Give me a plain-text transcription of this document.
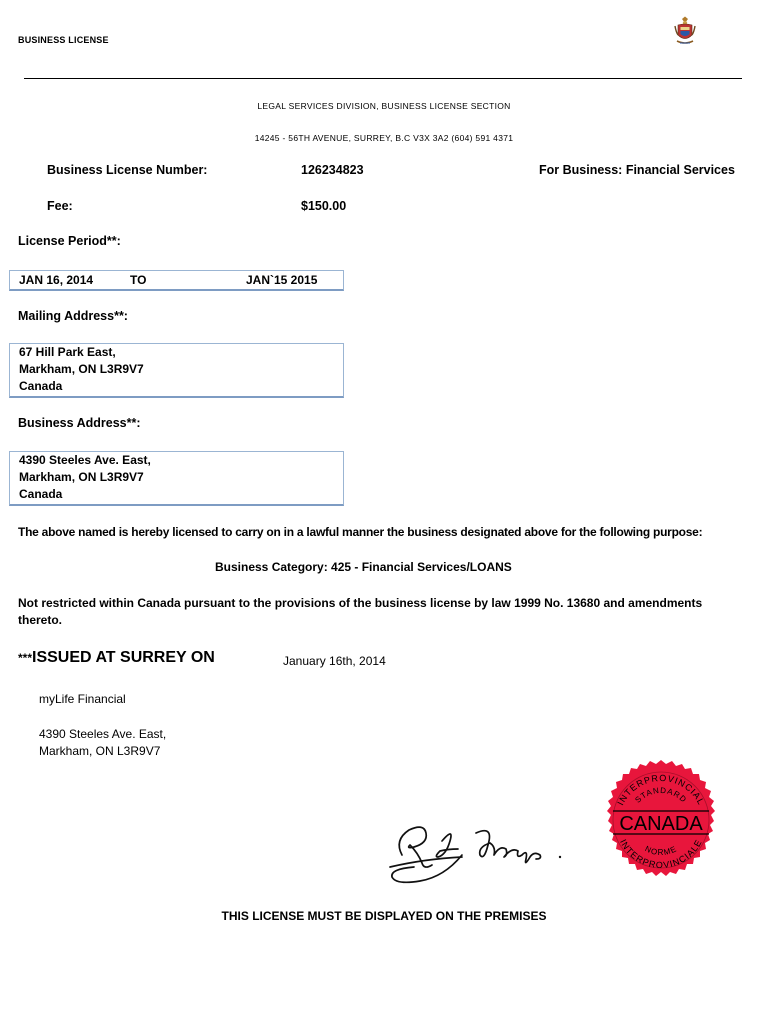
BUSINESS LICENSE
LEGAL SERVICES DIVISION, BUSINESS LICENSE SECTION
14245 - 56TH AVENUE, SURREY, B.C V3X 3A2 (604) 591 4371
Business License Number:	126234823	For Business: Financial Services
Fee:	$150.00
License Period**:
JAN 16, 2014	TO	JAN`15 2015
Mailing Address**:
67 Hill Park East,
Markham, ON L3R9V7
Canada
Business Address**:
4390 Steeles Ave. East,
Markham, ON L3R9V7
Canada
The above named is hereby licensed to carry on in a lawful manner the business designated above for the following purpose:
Business Category: 425 - Financial Services/LOANS
Not restricted within Canada pursuant to the provisions of the business license by law 1999 No. 13680 and amendments thereto.
***ISSUED AT SURREY ON	January 16th, 2014
myLife Financial
4390 Steeles Ave. East,
Markham, ON L3R9V7
INTERPROVINCIAL
STANDARD
NORME
INTERPROVINCIALE
CANADA
THIS LICENSE MUST BE DISPLAYED ON THE PREMISES
